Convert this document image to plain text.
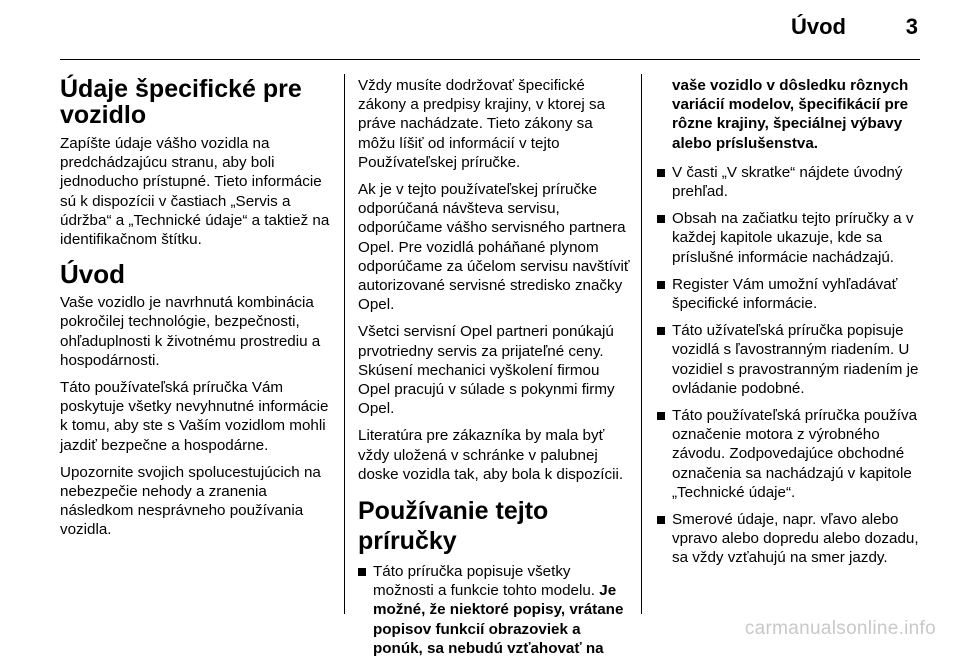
Úvod	3
Údaje špecifické pre vozidlo

Zapíšte údaje vášho vozidla na predchádzajúcu stranu, aby boli jednoducho prístupné. Tieto informácie sú k dispozícii v častiach „Servis a údržba“ a „Technické údaje“ a taktiež na identifikačnom štítku.

Úvod

Vaše vozidlo je navrhnutá kombinácia pokročilej technológie, bezpečnosti, ohľaduplnosti k životnému prostrediu a hospodárnosti.

Táto používateľská príručka Vám poskytuje všetky nevyhnutné informácie k tomu, aby ste s Vaším vozidlom mohli jazdiť bezpečne a hospodárne.

Upozornite svojich spolucestujúcich na nebezpečie nehody a zranenia následkom nesprávneho používania vozidla.

Vždy musíte dodržovať špecifické zákony a predpisy krajiny, v ktorej sa práve nachádzate. Tieto zákony sa môžu líšiť od informácií v tejto Používateľskej príručke.

Ak je v tejto používateľskej príručke odporúčaná návšteva servisu, odporúčame vášho servisného partnera Opel. Pre vozidlá poháňané plynom odporúčame za účelom servisu navštíviť autorizované servisné stredisko značky Opel.

Všetci servisní Opel partneri ponúkajú prvotriedny servis za prijateľné ceny. Skúsení mechanici vyškolení firmou Opel pracujú v súlade s pokynmi firmy Opel.

Literatúra pre zákazníka by mala byť vždy uložená v schránke v palubnej doske vozidla tak, aby bola k dispozícii.

Používanie tejto príručky
Táto príručka popisuje všetky možnosti a funkcie tohto modelu. Je možné, že niektoré popisy, vrátane popisov funkcií obrazoviek a ponúk, sa nebudú vzťahovať na
vaše vozidlo v dôsledku rôznych variácií modelov, špecifikácií pre rôzne krajiny, špeciálnej výbavy alebo príslušenstva.
V časti „V skratke“ nájdete úvodný prehľad.
Obsah na začiatku tejto príručky a v každej kapitole ukazuje, kde sa príslušné informácie nachádzajú.
Register Vám umožní vyhľadávať špecifické informácie.
Táto užívateľská príručka popisuje vozidlá s ľavostranným riadením. U vozidiel s pravostranným riadením je ovládanie podobné.
Táto používateľská príručka používa označenie motora z výrobného závodu. Zodpovedajúce obchodné označenia sa nachádzajú v kapitole „Technické údaje“.
Smerové údaje, napr. vľavo alebo vpravo alebo dopredu alebo dozadu, sa vždy vzťahujú na smer jazdy.
carmanualsonline.info
